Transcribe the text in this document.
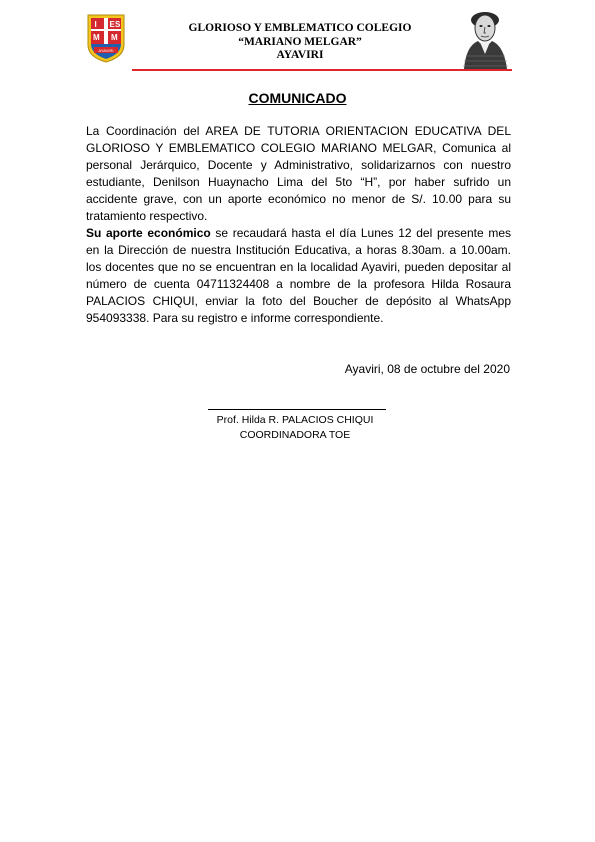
I E S
M M
AYAVIRI
GLORIOSO Y EMBLEMATICO COLEGIO
“MARIANO MELGAR”
AYAVIRI
COMUNICADO

La Coordinación del AREA DE TUTORIA ORIENTACION EDUCATIVA DEL GLORIOSO Y EMBLEMATICO COLEGIO MARIANO MELGAR, Comunica al personal Jerárquico, Docente y Administrativo, solidarizarnos con nuestro estudiante, Denilson Huaynacho Lima del 5to “H”, por haber sufrido un accidente grave, con un aporte económico no menor de S/. 10.00 para su tratamiento respectivo.

Su aporte económico se recaudará hasta el día Lunes 12 del presente mes en la Dirección de nuestra Institución Educativa, a horas 8.30am. a 10.00am. los docentes que no se encuentran en la localidad Ayaviri, pueden depositar al número de cuenta 04711324408 a nombre de la profesora Hilda Rosaura PALACIOS CHIQUI, enviar la foto del Boucher de depósito al WhatsApp 954093338. Para su registro e informe correspondiente.

Ayaviri, 08 de octubre del 2020
Prof. Hilda R. PALACIOS CHIQUI
COORDINADORA TOE
